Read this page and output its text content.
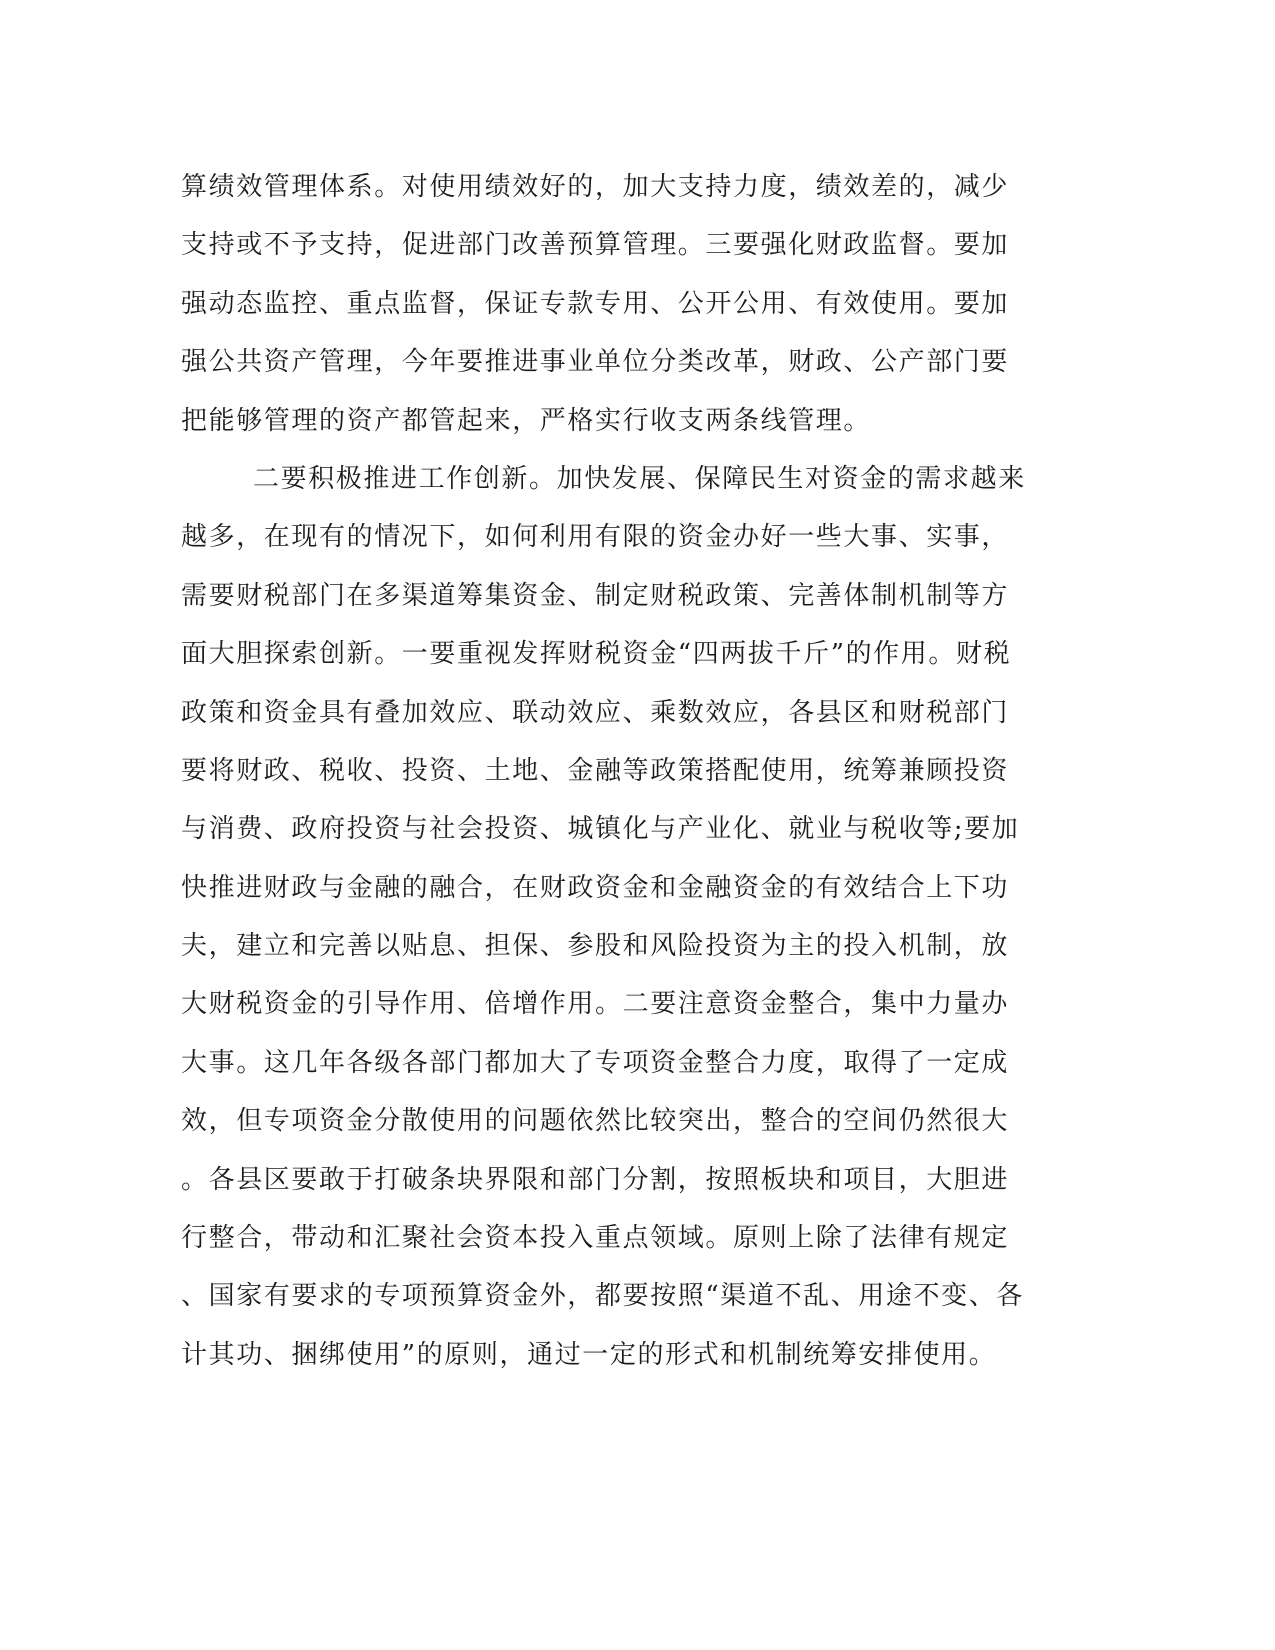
算绩效管理体系。对使用绩效好的，加大支持力度，绩效差的，减少
支持或不予支持，促进部门改善预算管理。三要强化财政监督。要加
强动态监控、重点监督，保证专款专用、公开公用、有效使用。要加
强公共资产管理，今年要推进事业单位分类改革，财政、公产部门要
把能够管理的资产都管起来，严格实行收支两条线管理。
二要积极推进工作创新。加快发展、保障民生对资金的需求越来
越多，在现有的情况下，如何利用有限的资金办好一些大事、实事，
需要财税部门在多渠道筹集资金、制定财税政策、完善体制机制等方
面大胆探索创新。一要重视发挥财税资金“四两拔千斤”的作用。财税
政策和资金具有叠加效应、联动效应、乘数效应，各县区和财税部门
要将财政、税收、投资、土地、金融等政策搭配使用，统筹兼顾投资
与消费、政府投资与社会投资、城镇化与产业化、就业与税收等;要加
快推进财政与金融的融合，在财政资金和金融资金的有效结合上下功
夫，建立和完善以贴息、担保、参股和风险投资为主的投入机制，放
大财税资金的引导作用、倍增作用。二要注意资金整合，集中力量办
大事。这几年各级各部门都加大了专项资金整合力度，取得了一定成
效，但专项资金分散使用的问题依然比较突出，整合的空间仍然很大
。各县区要敢于打破条块界限和部门分割，按照板块和项目，大胆进
行整合，带动和汇聚社会资本投入重点领域。原则上除了法律有规定
、国家有要求的专项预算资金外，都要按照“渠道不乱、用途不变、各
计其功、捆绑使用”的原则，通过一定的形式和机制统筹安排使用。
